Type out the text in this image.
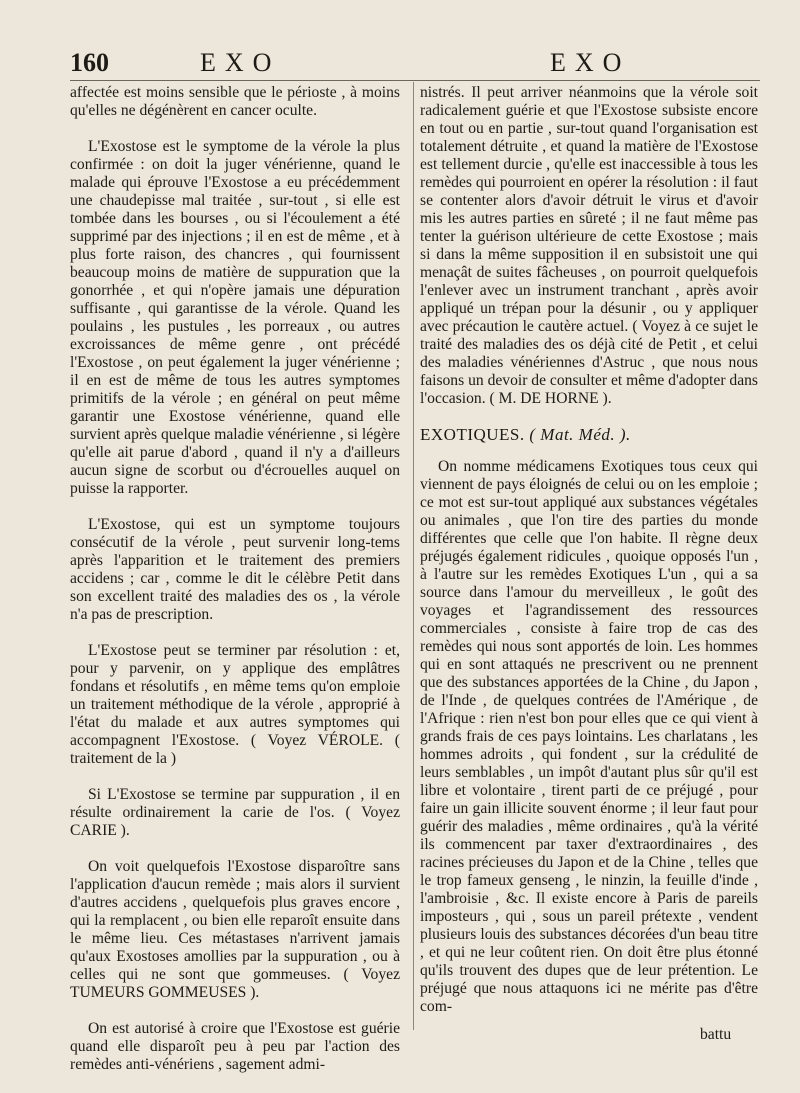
160	EXO	EXO

affectée est moins sensible que le périoste , à moins qu'elles ne dégénèrent en cancer oculte.

L'Exostose est le symptome de la vérole la plus confirmée : on doit la juger vénérienne, quand le malade qui éprouve l'Exostose a eu précédemment une chaudepisse mal traitée , sur-tout , si elle est tombée dans les bourses , ou si l'écoulement a été supprimé par des injections ; il en est de même , et à plus forte raison, des chancres , qui fournissent beaucoup moins de matière de suppuration que la gonorrhée , et qui n'opère jamais une dépuration suffisante , qui garantisse de la vérole. Quand les poulains , les pustules , les porreaux , ou autres excroissances de même genre , ont précédé l'Exostose , on peut également la juger vénérienne ; il en est de même de tous les autres symptomes primitifs de la vérole ; en général on peut même garantir une Exostose vénérienne, quand elle survient après quelque maladie vénérienne , si légère qu'elle ait parue d'abord , quand il n'y a d'ailleurs aucun signe de scorbut ou d'écrouelles auquel on puisse la rapporter.

L'Exostose, qui est un symptome toujours consécutif de la vérole , peut survenir long-tems après l'apparition et le traitement des premiers accidens ; car , comme le dit le célèbre Petit dans son excellent traité des maladies des os , la vérole n'a pas de prescription.

L'Exostose peut se terminer par résolution : et, pour y parvenir, on y applique des emplâtres fondans et résolutifs , en même tems qu'on emploie un traitement méthodique de la vérole , approprié à l'état du malade et aux autres symptomes qui accompagnent l'Exostose. ( Voyez VÉROLE. ( traitement de la )

Si L'Exostose se termine par suppuration , il en résulte ordinairement la carie de l'os. ( Voyez CARIE ).

On voit quelquefois l'Exostose disparoître sans l'application d'aucun remède ; mais alors il survient d'autres accidens , quelquefois plus graves encore , qui la remplacent , ou bien elle reparoît ensuite dans le même lieu. Ces métastases n'arrivent jamais qu'aux Exostoses amollies par la suppuration , ou à celles qui ne sont que gommeuses. ( Voyez TUMEURS GOMMEUSES ).

On est autorisé à croire que l'Exostose est guérie quand elle disparoît peu à peu par l'action des remèdes anti-vénériens , sagement admi-

nistrés. Il peut arriver néanmoins que la vérole soit radicalement guérie et que l'Exostose subsiste encore en tout ou en partie , sur-tout quand l'organisation est totalement détruite , et quand la matière de l'Exostose est tellement durcie , qu'elle est inaccessible à tous les remèdes qui pourroient en opérer la résolution : il faut se contenter alors d'avoir détruit le virus et d'avoir mis les autres parties en sûreté ; il ne faut même pas tenter la guérison ultérieure de cette Exostose ; mais si dans la même supposition il en subsistoit une qui menaçât de suites fâcheuses , on pourroit quelquefois l'enlever avec un instrument tranchant , après avoir appliqué un trépan pour la désunir , ou y appliquer avec précaution le cautère actuel. ( Voyez à ce sujet le traité des maladies des os déjà cité de Petit , et celui des maladies vénériennes d'Astruc , que nous nous faisons un devoir de consulter et même d'adopter dans l'occasion. ( M. DE HORNE ).

EXOTIQUES. ( Mat. Méd. ).

On nomme médicamens Exotiques tous ceux qui viennent de pays éloignés de celui ou on les emploie ; ce mot est sur-tout appliqué aux substances végétales ou animales , que l'on tire des parties du monde différentes que celle que l'on habite. Il règne deux préjugés également ridicules , quoique opposés l'un , à l'autre sur les remèdes Exotiques L'un , qui a sa source dans l'amour du merveilleux , le goût des voyages et l'agrandissement des ressources commerciales , consiste à faire trop de cas des remèdes qui nous sont apportés de loin. Les hommes qui en sont attaqués ne prescrivent ou ne prennent que des substances apportées de la Chine , du Japon , de l'Inde , de quelques contrées de l'Amérique , de l'Afrique : rien n'est bon pour elles que ce qui vient à grands frais de ces pays lointains. Les charlatans , les hommes adroits , qui fondent , sur la crédulité de leurs semblables , un impôt d'autant plus sûr qu'il est libre et volontaire , tirent parti de ce préjugé , pour faire un gain illicite souvent énorme ; il leur faut pour guérir des maladies , même ordinaires , qu'à la vérité ils commencent par taxer d'extraordinaires , des racines précieuses du Japon et de la Chine , telles que le trop fameux genseng , le ninzin, la feuille d'inde , l'ambroisie , &c. Il existe encore à Paris de pareils imposteurs , qui , sous un pareil prétexte , vendent plusieurs louis des substances décorées d'un beau titre , et qui ne leur coûtent rien. On doit être plus étonné qu'ils trouvent des dupes que de leur prétention. Le préjugé que nous attaquons ici ne mérite pas d'être com-

battu
